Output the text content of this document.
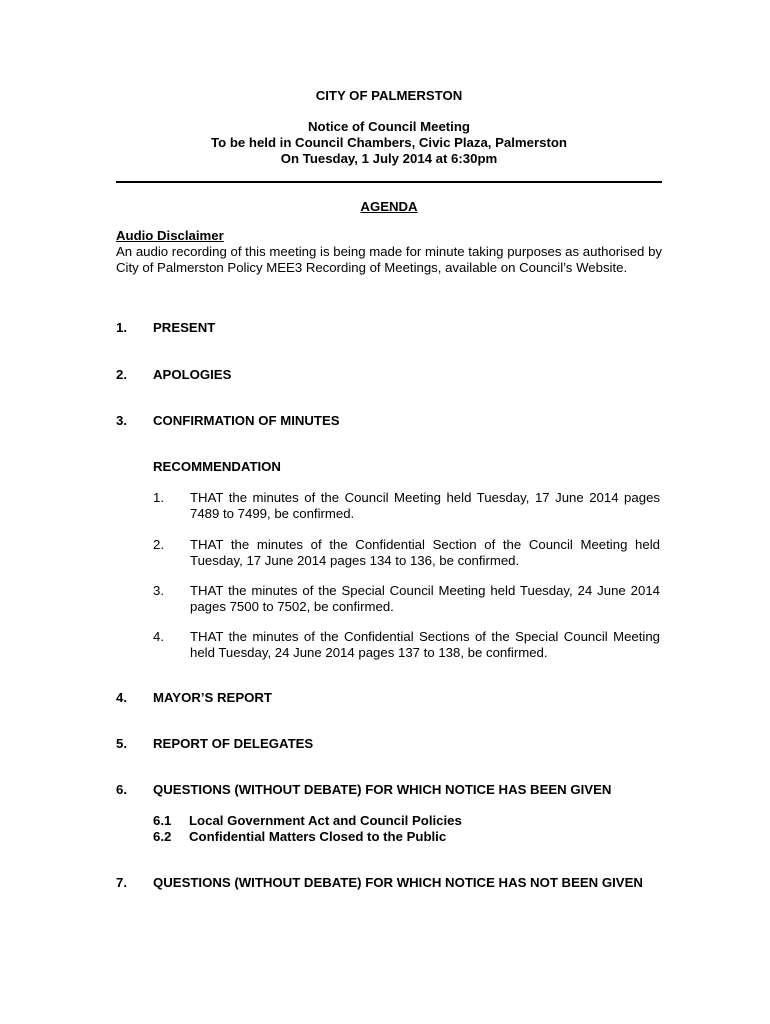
CITY OF PALMERSTON
Notice of Council Meeting
To be held in Council Chambers, Civic Plaza, Palmerston
On Tuesday, 1 July 2014 at 6:30pm
AGENDA
Audio Disclaimer
An audio recording of this meeting is being made for minute taking purposes as authorised by City of Palmerston Policy MEE3 Recording of Meetings, available on Council’s Website.
1. PRESENT
2. APOLOGIES
3. CONFIRMATION OF MINUTES
RECOMMENDATION
1. THAT the minutes of the Council Meeting held Tuesday, 17 June 2014 pages 7489 to 7499, be confirmed.
2. THAT the minutes of the Confidential Section of the Council Meeting held Tuesday, 17 June 2014 pages 134 to 136, be confirmed.
3. THAT the minutes of the Special Council Meeting held Tuesday, 24 June 2014 pages 7500 to 7502, be confirmed.
4. THAT the minutes of the Confidential Sections of the Special Council Meeting held Tuesday, 24 June 2014 pages 137 to 138, be confirmed.
4. MAYOR’S REPORT
5. REPORT OF DELEGATES
6. QUESTIONS (WITHOUT DEBATE) FOR WHICH NOTICE HAS BEEN GIVEN
6.1 Local Government Act and Council Policies
6.2 Confidential Matters Closed to the Public
7. QUESTIONS (WITHOUT DEBATE) FOR WHICH NOTICE HAS NOT BEEN GIVEN
